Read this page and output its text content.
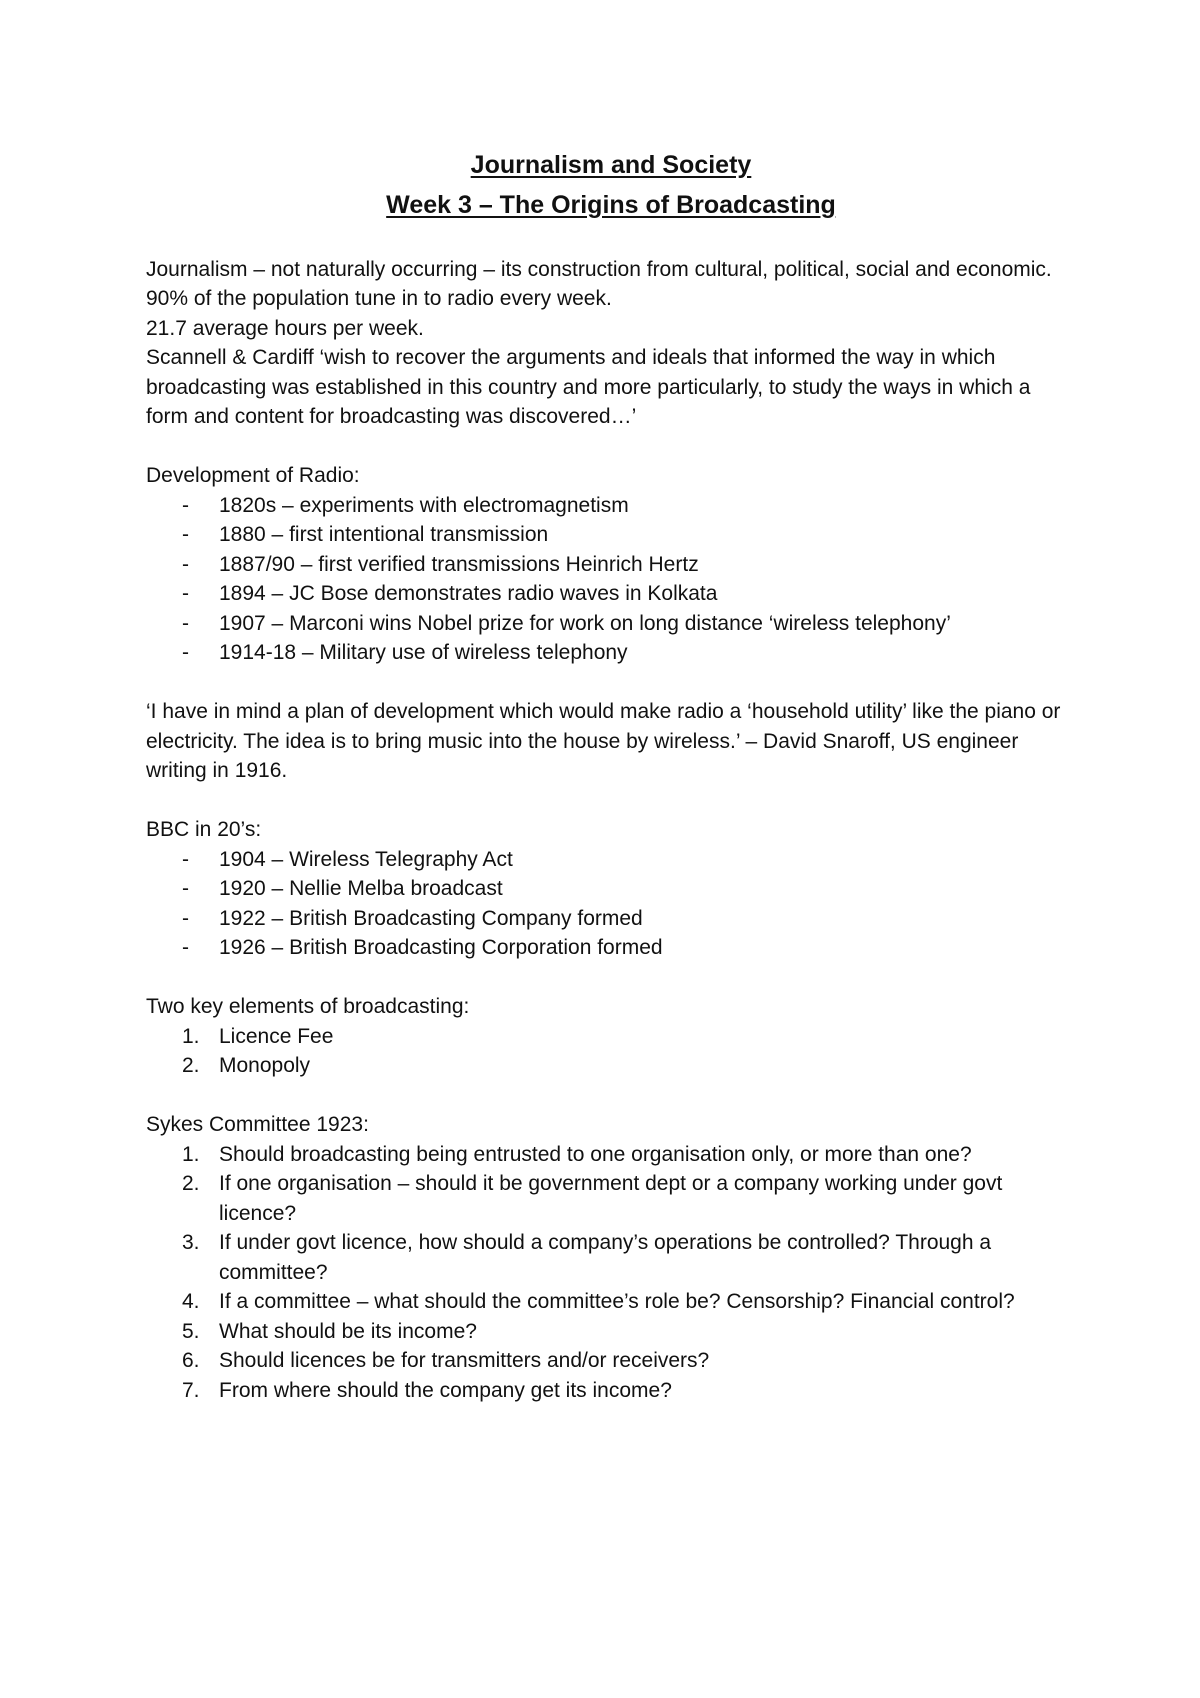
Journalism and Society
Week 3 – The Origins of Broadcasting

Journalism – not naturally occurring – its construction from cultural, political, social and economic.

90% of the population tune in to radio every week.

21.7 average hours per week.

Scannell & Cardiff ‘wish to recover the arguments and ideals that informed the way in which broadcasting was established in this country and more particularly, to study the ways in which a form and content for broadcasting was discovered…’

Development of Radio:

- 1820s – experiments with electromagnetism
- 1880 – first intentional transmission
- 1887/90 – first verified transmissions Heinrich Hertz
- 1894 – JC Bose demonstrates radio waves in Kolkata
- 1907 – Marconi wins Nobel prize for work on long distance ‘wireless telephony’
- 1914-18 – Military use of wireless telephony

‘I have in mind a plan of development which would make radio a ‘household utility’ like the piano or electricity. The idea is to bring music into the house by wireless.’ – David Snaroff, US engineer writing in 1916.

BBC in 20’s:

- 1904 – Wireless Telegraphy Act
- 1920 – Nellie Melba broadcast
- 1922 – British Broadcasting Company formed
- 1926 – British Broadcasting Corporation formed

Two key elements of broadcasting:

1. Licence Fee
2. Monopoly

Sykes Committee 1923:

1. Should broadcasting being entrusted to one organisation only, or more than one?
2. If one organisation – should it be government dept or a company working under govt licence?
3. If under govt licence, how should a company’s operations be controlled? Through a committee?
4. If a committee – what should the committee’s role be? Censorship? Financial control?
5. What should be its income?
6. Should licences be for transmitters and/or receivers?
7. From where should the company get its income?
